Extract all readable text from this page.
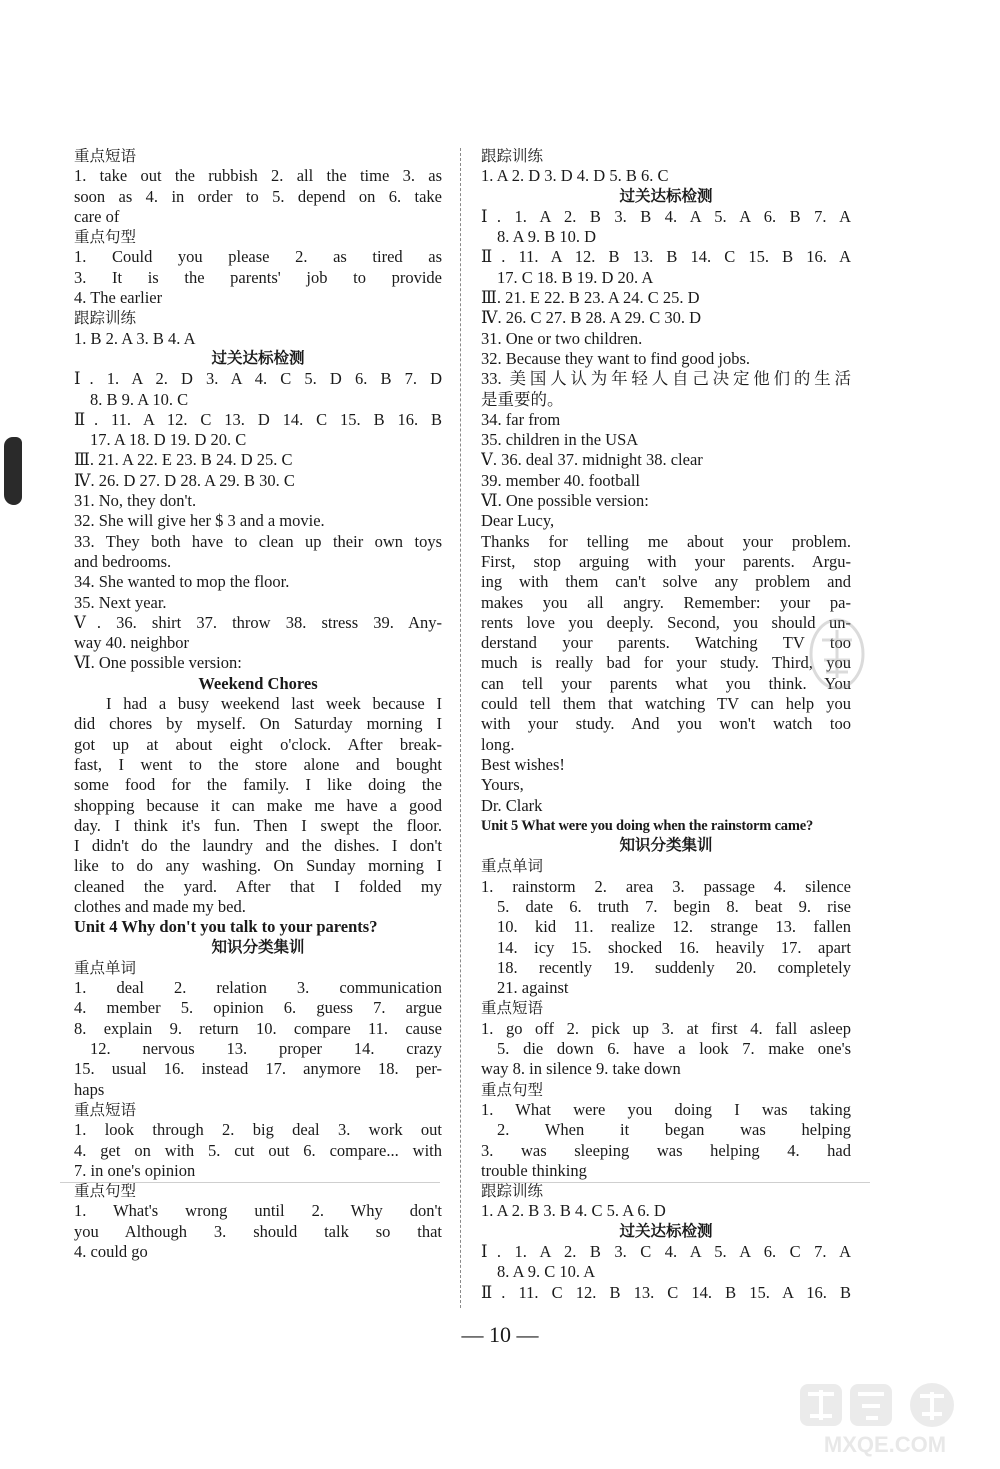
重点短语
1. take out the rubbish 2. all the time 3. as
soon as 4. in order to 5. depend on 6. take
care of
重点句型
1. Could you please 2. as tired as
3. It is the parents' job to provide
4. The earlier
跟踪训练
1. B 2. A 3. B 4. A
过关达标检测
Ⅰ. 1. A 2. D 3. A 4. C 5. D 6. B 7. D
8. B 9. A 10. C
Ⅱ. 11. A 12. C 13. D 14. C 15. B 16. B
17. A 18. D 19. D 20. C
Ⅲ. 21. A 22. E 23. B 24. D 25. C
Ⅳ. 26. D 27. D 28. A 29. B 30. C
31. No, they don't.
32. She will give her $ 3 and a movie.
33. They both have to clean up their own toys
and bedrooms.
34. She wanted to mop the floor.
35. Next year.
Ⅴ. 36. shirt 37. throw 38. stress 39. Any-
way 40. neighbor
Ⅵ. One possible version:
Weekend Chores
I had a busy weekend last week because I
did chores by myself. On Saturday morning I
got up at about eight o'clock. After break-
fast, I went to the store alone and bought
some food for the family. I like doing the
shopping because it can make me have a good
day. I think it's fun. Then I swept the floor.
I didn't do the laundry and the dishes. I don't
like to do any washing. On Sunday morning I
cleaned the yard. After that I folded my
clothes and made my bed.
Unit 4 Why don't you talk to your parents?
知识分类集训
重点单词
1. deal 2. relation 3. communication
4. member 5. opinion 6. guess 7. argue
8. explain 9. return 10. compare 11. cause
12. nervous 13. proper 14. crazy
15. usual 16. instead 17. anymore 18. per-
haps
重点短语
1. look through 2. big deal 3. work out
4. get on with 5. cut out 6. compare... with
7. in one's opinion
重点句型
1. What's wrong until 2. Why don't
you Although 3. should talk so that
4. could go
跟踪训练
1. A 2. D 3. D 4. D 5. B 6. C
过关达标检测
Ⅰ. 1. A 2. B 3. B 4. A 5. A 6. B 7. A
8. A 9. B 10. D
Ⅱ. 11. A 12. B 13. B 14. C 15. B 16. A
17. C 18. B 19. D 20. A
Ⅲ. 21. E 22. B 23. A 24. C 25. D
Ⅳ. 26. C 27. B 28. A 29. C 30. D
31. One or two children.
32. Because they want to find good jobs.
33. 美国人认为年轻人自己决定他们的生活
是重要的。
34. far from
35. children in the USA
Ⅴ. 36. deal 37. midnight 38. clear
39. member 40. football
Ⅵ. One possible version:
Dear Lucy,
Thanks for telling me about your problem.
First, stop arguing with your parents. Argu-
ing with them can't solve any problem and
makes you all angry. Remember: your pa-
rents love you deeply. Second, you should un-
derstand your parents. Watching TV too
much is really bad for your study. Third, you
can tell your parents what you think. You
could tell them that watching TV can help you
with your study. And you won't watch too
long.
Best wishes!
Yours,
Dr. Clark
Unit 5 What were you doing when the rainstorm came?
知识分类集训
重点单词
1. rainstorm 2. area 3. passage 4. silence
5. date 6. truth 7. begin 8. beat 9. rise
10. kid 11. realize 12. strange 13. fallen
14. icy 15. shocked 16. heavily 17. apart
18. recently 19. suddenly 20. completely
21. against
重点短语
1. go off 2. pick up 3. at first 4. fall asleep
5. die down 6. have a look 7. make one's
way 8. in silence 9. take down
重点句型
1. What were you doing I was taking
2. When it began was helping
3. was sleeping was helping 4. had
trouble thinking
跟踪训练
1. A 2. B 3. B 4. C 5. A 6. D
过关达标检测
Ⅰ. 1. A 2. B 3. C 4. A 5. A 6. C 7. A
8. A 9. C 10. A
Ⅱ. 11. C 12. B 13. C 14. B 15. A 16. B
— 10 —
MXQE.COM
